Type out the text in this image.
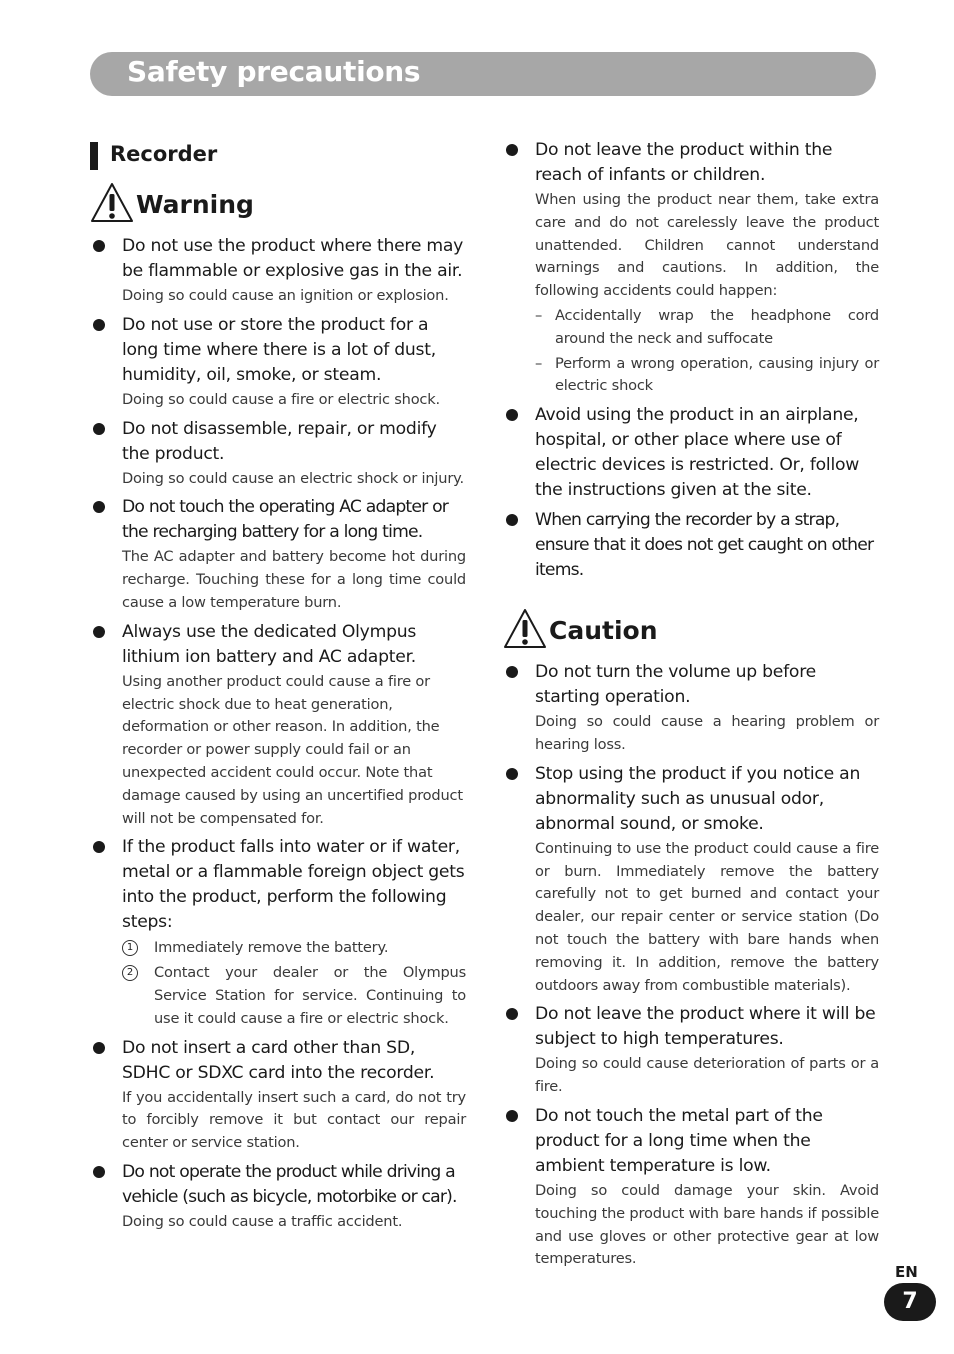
Safety precautions
Recorder
Warning
Do not use the product where there may be flammable or explosive gas in the air.
Doing so could cause an ignition or explosion.
Do not use or store the product for a long time where there is a lot of dust, humidity, oil, smoke, or steam.
Doing so could cause a fire or electric shock.
Do not disassemble, repair, or modify the product.
Doing so could cause an electric shock or injury.
Do not touch the operating AC adapter or the recharging battery for a long time.
The AC adapter and battery become hot during recharge. Touching these for a long time could cause a low temperature burn.
Always use the dedicated Olympus lithium ion battery and AC adapter.
Using another product could cause a fire or electric shock due to heat generation, deformation or other reason. In addition, the recorder or power supply could fail or an unexpected accident could occur. Note that damage caused by using an uncertified product will not be compensated for.
If the product falls into water or if water, metal or a flammable foreign object gets into the product, perform the following steps:
1	Immediately remove the battery.
2	Contact your dealer or the Olympus Service Station for service. Continuing to use it could cause a fire or electric shock.
Do not insert a card other than SD, SDHC or SDXC card into the recorder.
If you accidentally insert such a card, do not try to forcibly remove it but contact our repair center or service station.
Do not operate the product while driving a vehicle (such as bicycle, motorbike or car).
Doing so could cause a traffic accident.
Do not leave the product within the reach of infants or children.
When using the product near them, take extra care and do not carelessly leave the product unattended. Children cannot understand warnings and cautions. In addition, the following accidents could happen:
– Accidentally wrap the headphone cord around the neck and suffocate
– Perform a wrong operation, causing injury or electric shock
Avoid using the product in an airplane, hospital, or other place where use of electric devices is restricted. Or, follow the instructions given at the site.
When carrying the recorder by a strap, ensure that it does not get caught on other items.
Caution
Do not turn the volume up before starting operation.
Doing so could cause a hearing problem or hearing loss.
Stop using the product if you notice an abnormality such as unusual odor, abnormal sound, or smoke.
Continuing to use the product could cause a fire or burn. Immediately remove the battery carefully not to get burned and contact your dealer, our repair center or service station (Do not touch the battery with bare hands when removing it. In addition, remove the battery outdoors away from combustible materials).
Do not leave the product where it will be subject to high temperatures.
Doing so could cause deterioration of parts or a fire.
Do not touch the metal part of the product for a long time when the ambient temperature is low.
Doing so could damage your skin. Avoid touching the product with bare hands if possible and use gloves or other protective gear at low temperatures.
EN
7
